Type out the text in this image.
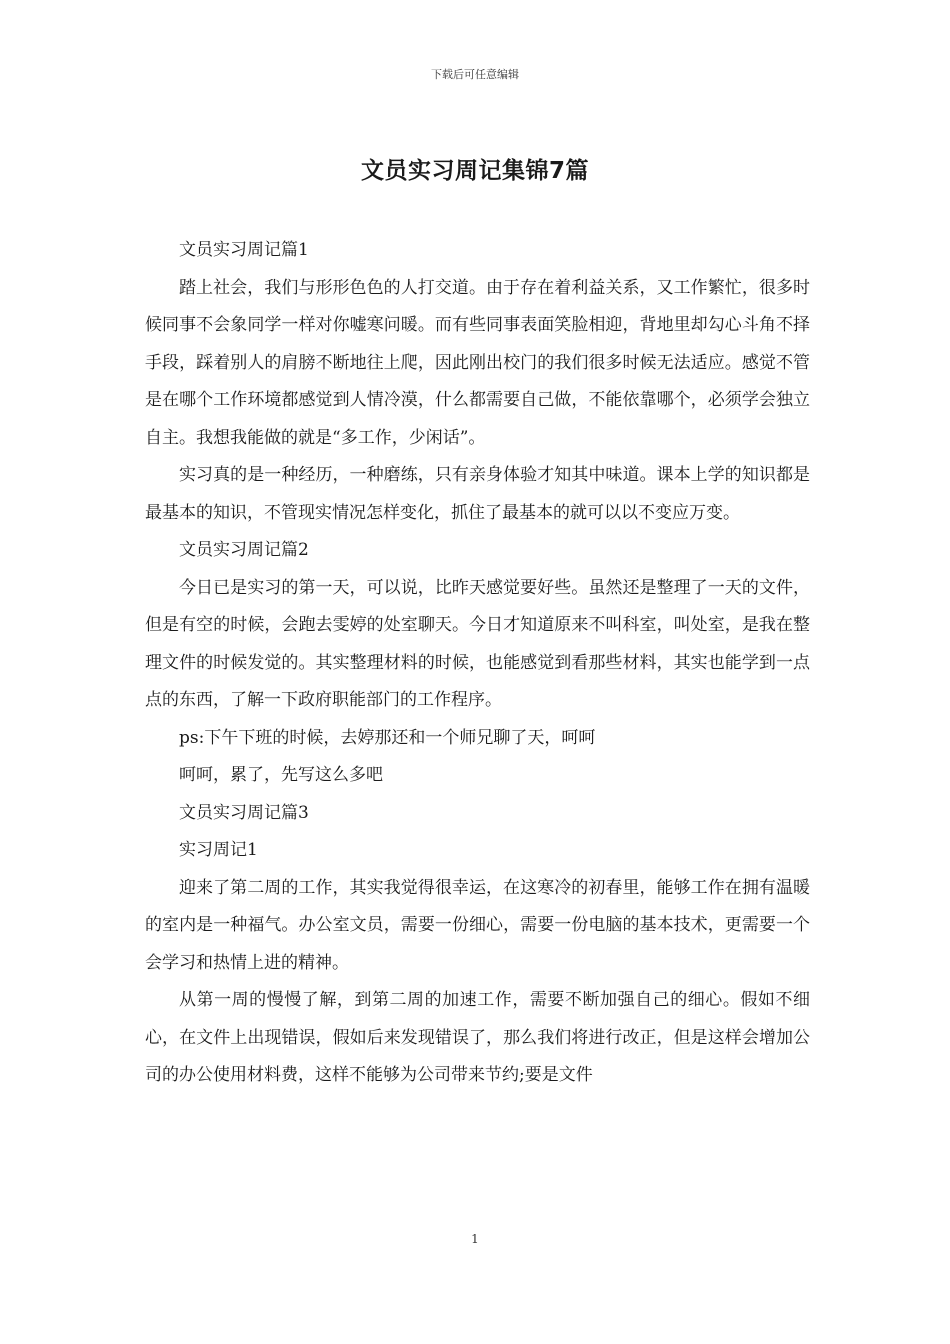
下载后可任意编辑
文员实习周记集锦7篇

文员实习周记篇1

踏上社会，我们与形形色色的人打交道。由于存在着利益关系，又工作繁忙，很多时候同事不会象同学一样对你嘘寒问暖。而有些同事表面笑脸相迎，背地里却勾心斗角不择手段，踩着别人的肩膀不断地往上爬，因此刚出校门的我们很多时候无法适应。感觉不管是在哪个工作环境都感觉到人情冷漠，什么都需要自己做，不能依靠哪个，必须学会独立自主。我想我能做的就是“多工作，少闲话”。

实习真的是一种经历，一种磨练，只有亲身体验才知其中味道。课本上学的知识都是最基本的知识，不管现实情况怎样变化，抓住了最基本的就可以以不变应万变。

文员实习周记篇2

今日已是实习的第一天，可以说，比昨天感觉要好些。虽然还是整理了一天的文件，但是有空的时候，会跑去雯婷的处室聊天。今日才知道原来不叫科室，叫处室，是我在整理文件的时候发觉的。其实整理材料的时候，也能感觉到看那些材料，其实也能学到一点点的东西，了解一下政府职能部门的工作程序。

ps:下午下班的时候，去婷那还和一个师兄聊了天，呵呵

呵呵，累了，先写这么多吧

文员实习周记篇3

实习周记1

迎来了第二周的工作，其实我觉得很幸运，在这寒冷的初春里，能够工作在拥有温暖的室内是一种福气。办公室文员，需要一份细心，需要一份电脑的基本技术，更需要一个会学习和热情上进的精神。

从第一周的慢慢了解，到第二周的加速工作，需要不断加强自己的细心。假如不细心，在文件上出现错误，假如后来发现错误了，那么我们将进行改正，但是这样会增加公司的办公使用材料费，这样不能够为公司带来节约;要是文件

1
